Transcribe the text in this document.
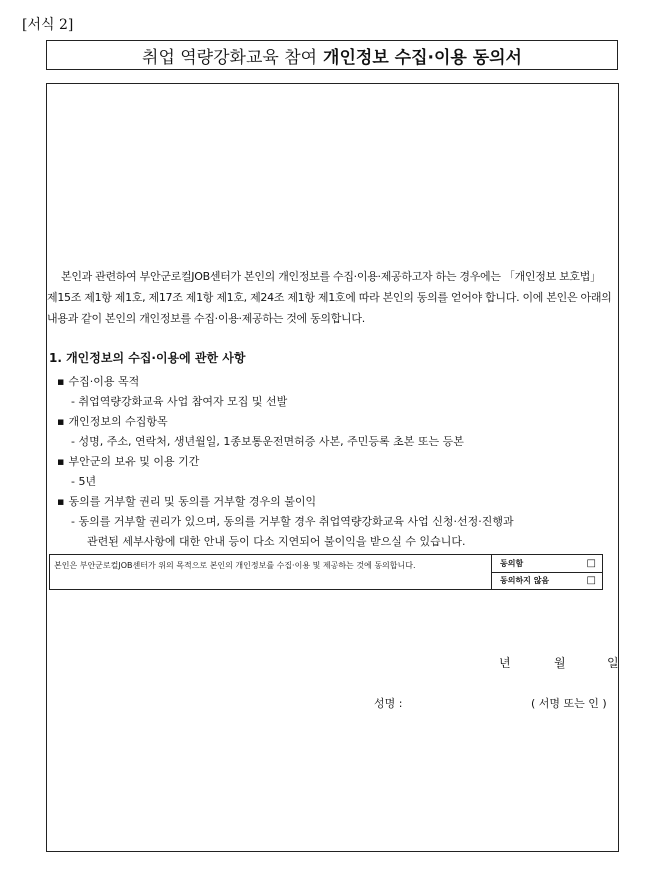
[서식 2]
취업 역량강화교육 참여 개인정보 수집·이용 동의서
본인과 관련하여 부안군로컬JOB센터가 본인의 개인정보를 수집·이용·제공하고자 하는 경우에는 「개인정보 보호법」 제15조 제1항 제1호, 제17조 제1항 제1호, 제24조 제1항 제1호에 따라 본인의 동의를 얻어야 합니다. 이에 본인은 아래의 내용과 같이 본인의 개인정보를 수집·이용·제공하는 것에 동의합니다.
1. 개인정보의 수집·이용에 관한 사항
▪ 수집·이용 목적
- 취업역량강화교육 사업 참여자 모집 및 선발
▪ 개인정보의 수집항목
- 성명, 주소, 연락처, 생년월일, 1종보통운전면허증 사본, 주민등록 초본 또는 등본
▪ 부안군의 보유 및 이용 기간
- 5년
▪ 동의를 거부할 권리 및 동의를 거부할 경우의 불이익
- 동의를 거부할 권리가 있으며, 동의를 거부할 경우 취업역량강화교육 사업 신청·선정·진행과
관련된 세부사항에 대한 안내 등이 다소 지연되어 불이익을 받으실 수 있습니다.
본인은 부안군로컬JOB센터가 위의 목적으로 본인의 개인정보를 수집·이용 및 제공하는 것에 동의합니다.	동의함	□
동의하지 않음	□
년	월	일
성명 :	( 서명 또는 인 )
